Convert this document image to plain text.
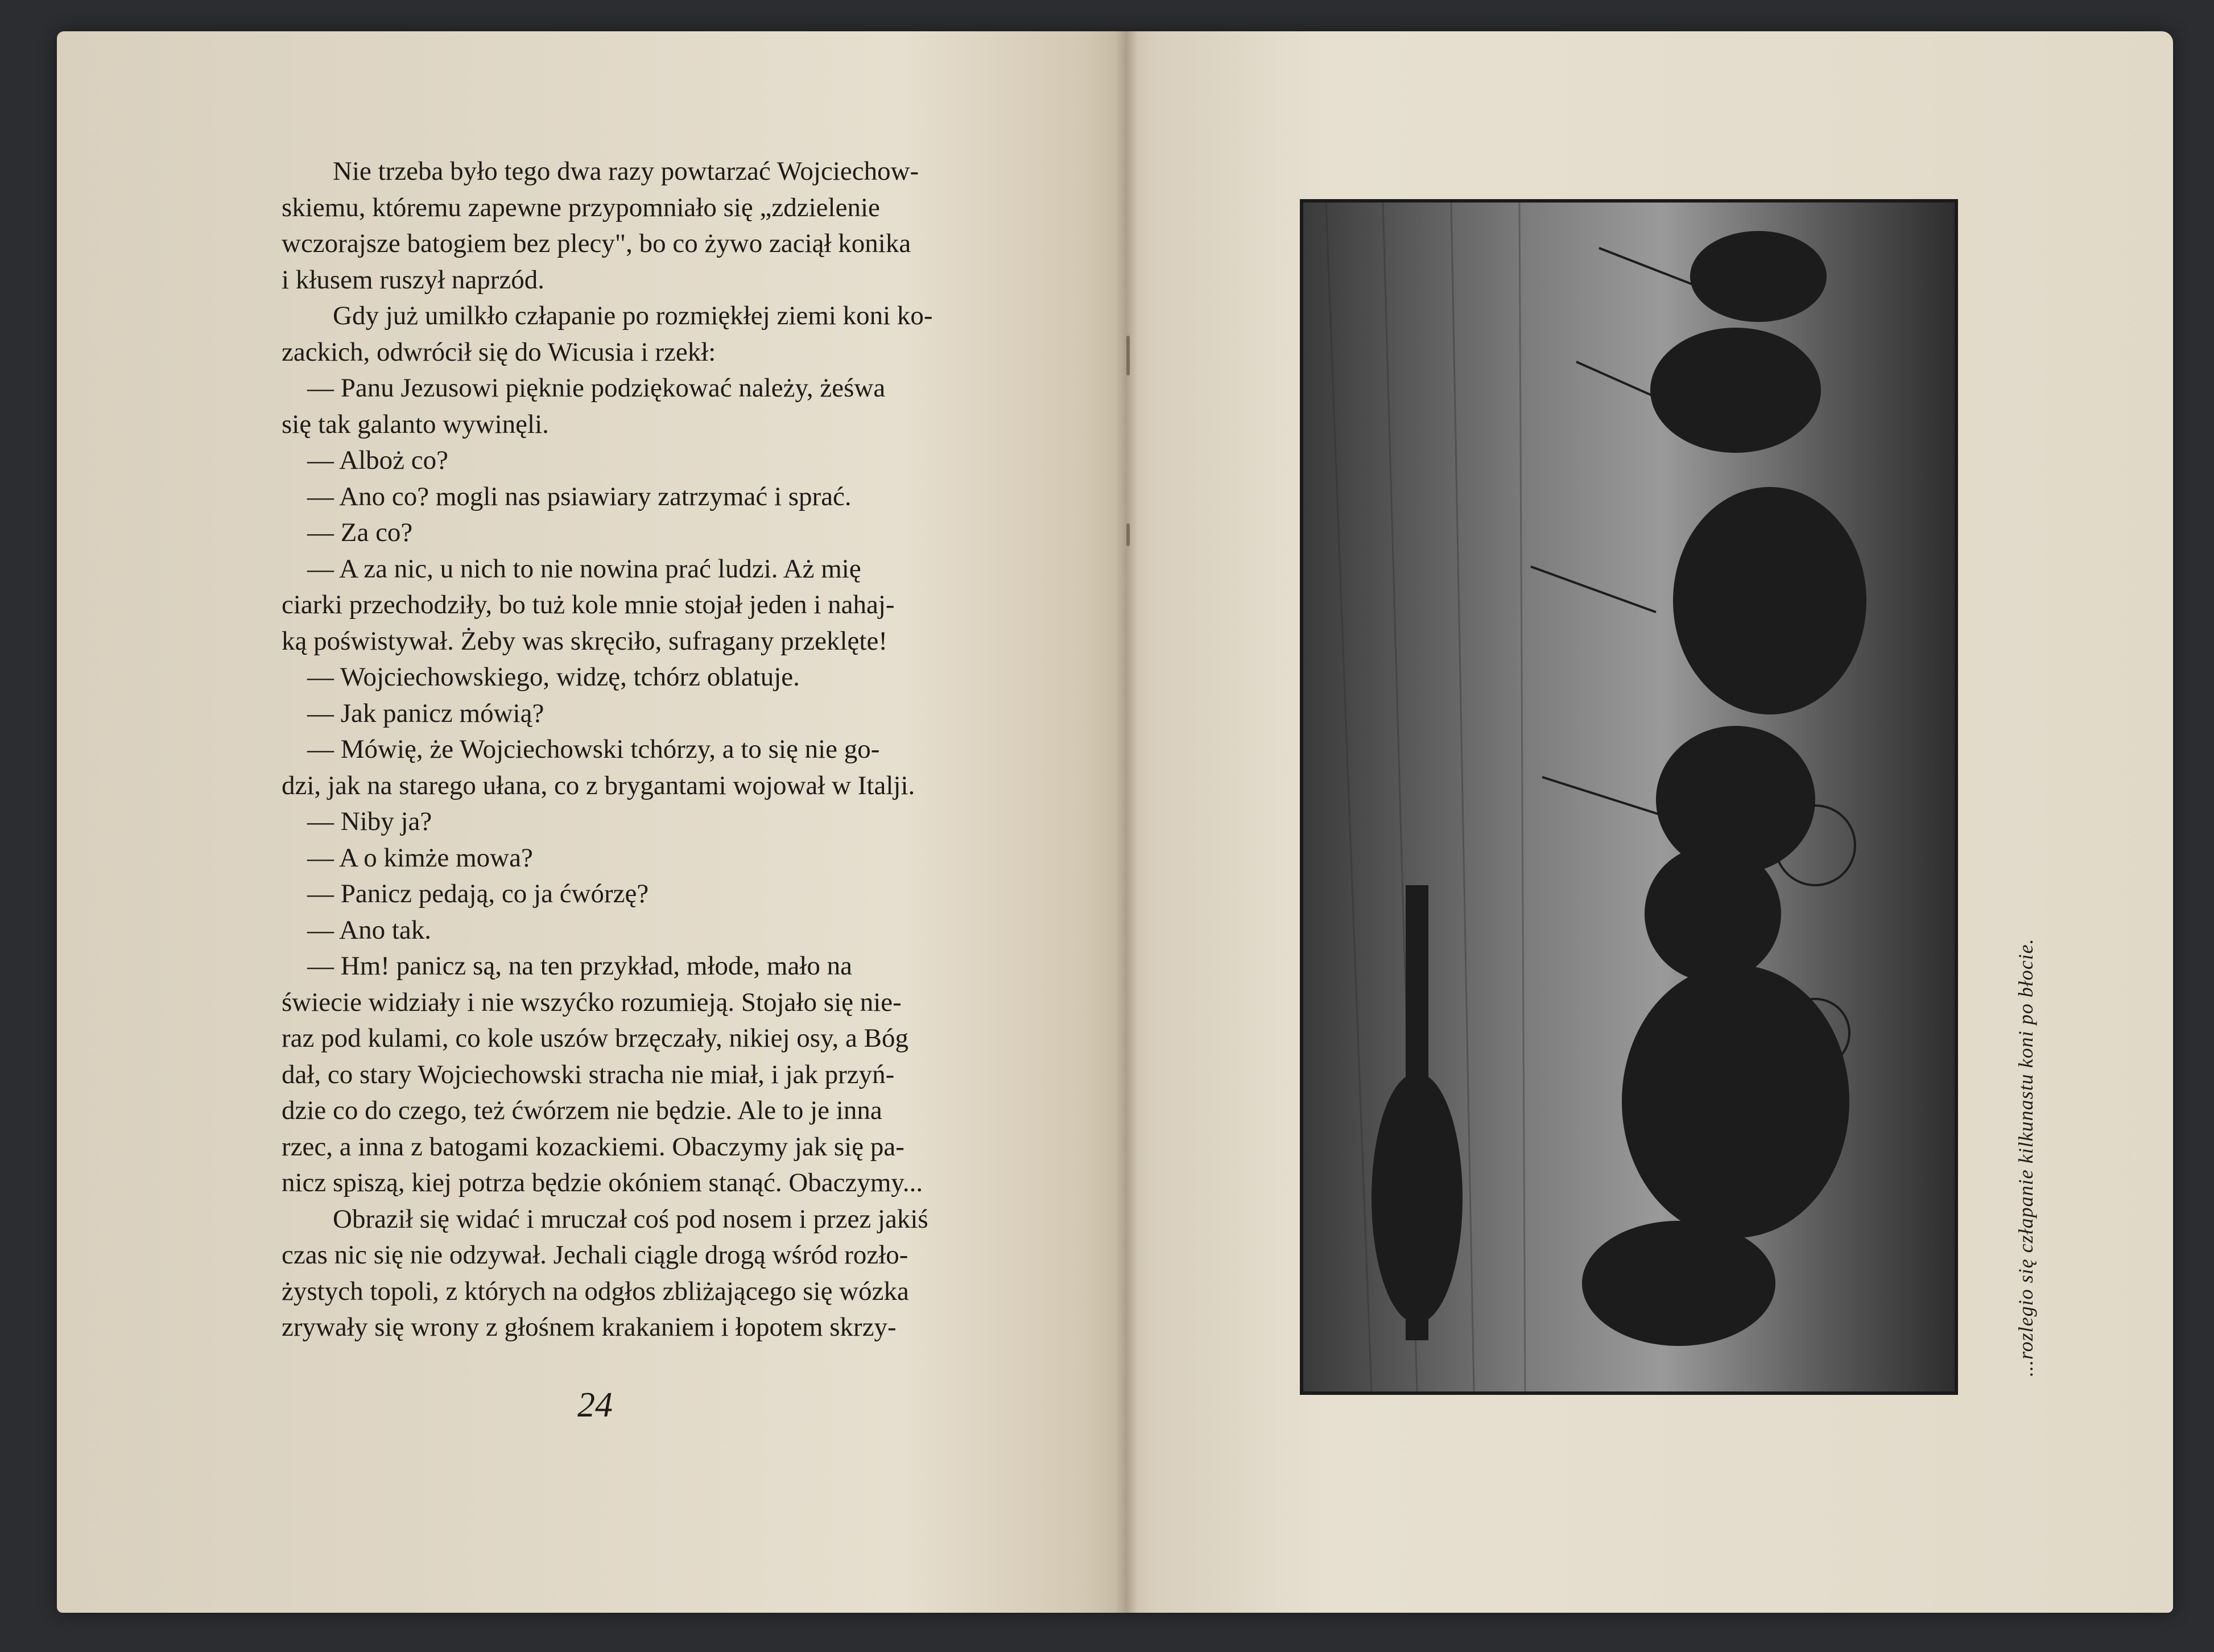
Nie trzeba było tego dwa razy powtarzać Wojciechow-
skiemu, któremu zapewne przypomniało się „zdzielenie
wczorajsze batogiem bez plecy", bo co żywo zaciął konika
i kłusem ruszył naprzód.
Gdy już umilkło człapanie po rozmiękłej ziemi koni ko-
zackich, odwrócił się do Wicusia i rzekł:
— Panu Jezusowi pięknie podziękować należy, żeśwa
się tak galanto wywinęli.
— Alboż co?
— Ano co? mogli nas psiawiary zatrzymać i sprać.
— Za co?
— A za nic, u nich to nie nowina prać ludzi. Aż mię
ciarki przechodziły, bo tuż kole mnie stojał jeden i nahaj-
ką poświstywał. Żeby was skręciło, sufragany przeklęte!
— Wojciechowskiego, widzę, tchórz oblatuje.
— Jak panicz mówią?
— Mówię, że Wojciechowski tchórzy, a to się nie go-
dzi, jak na starego ułana, co z brygantami wojował w Italji.
— Niby ja?
— A o kimże mowa?
— Panicz pedają, co ja ćwórzę?
— Ano tak.
— Hm! panicz są, na ten przykład, młode, mało na
świecie widziały i nie wszyćko rozumieją. Stojało się nie-
raz pod kulami, co kole uszów brzęczały, nikiej osy, a Bóg
dał, co stary Wojciechowski stracha nie miał, i jak przyń-
dzie co do czego, też ćwórzem nie będzie. Ale to je inna
rzec, a inna z batogami kozackiemi. Obaczymy jak się pa-
nicz spiszą, kiej potrza będzie okóniem stanąć. Obaczymy...
Obraził się widać i mruczał coś pod nosem i przez jakiś
czas nic się nie odzywał. Jechali ciągle drogą wśród rozło-
żystych topoli, z których na odgłos zbliżającego się wózka
zrywały się wrony z głośnem krakaniem i łopotem skrzy-
24
...rozlegio się człapanie kilkunastu koni po błocie.
